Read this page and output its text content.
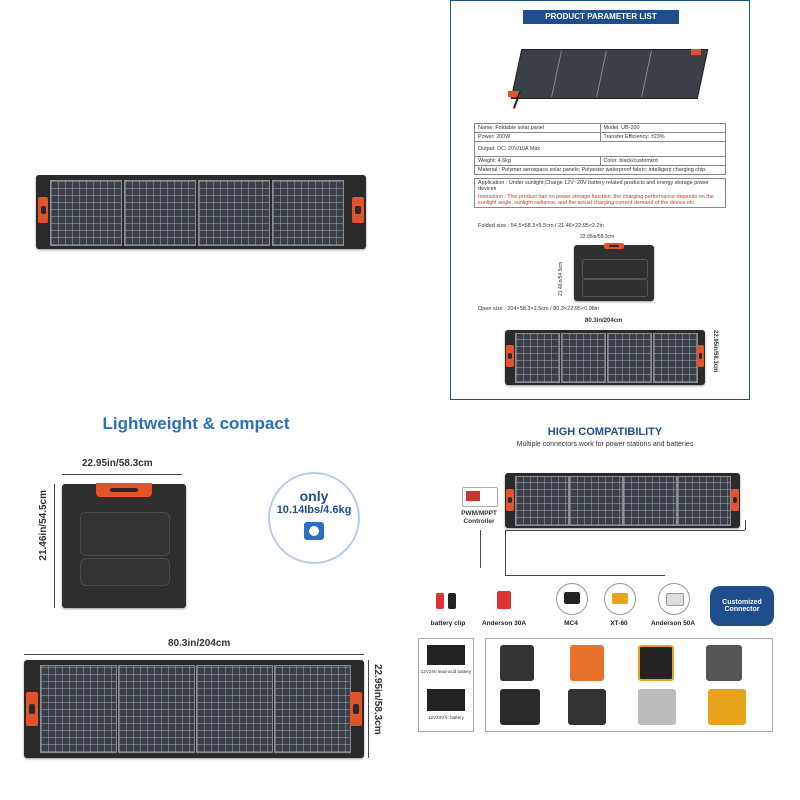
PRODUCT PARAMETER LIST
Name: Foldable solar panel	Model: UB-200
Power: 200W	Transfer Efficiency: ±23%
Output: DC: 20V/10A Max
Weight: 4.6kg	Color: black/customizd
Material : Polymer aerospace solar panels; Polyester waterproof fabric; intelligent charging chip.
Application : Under sunlight,Charge 12V~20V battery related products and energy storage power devices
Instruction : This product has no power storage function, the charging performance depends on the sunlight angle, sunlight radiance, and the actual charging current demand of the device etc.
Folded size : 54.5×58.3×5.5cm / 21.46×22.95×2.2in
22.95in/58.3cm
21.46in/54.5cm
Open size : 204×58.3×2.5cm / 80.3×22.95×0.98in
80.3in/204cm
22.95in/58.3cm
Lightweight & compact
22.95in/58.3cm
21.46in/54.5cm	only
10.14Ibs/4.6kg
80.3in/204cm
22.95in/58.3cm
HIGH COMPATIBILITY
Multiple connectors work for power stations and batteries
PWM/MPPT Controller
battery clip	Anderson 30A	MC4	XT-60	Anderson 50A
Customized Connector
12V24V lead-acid battery
12V24V li- battery
